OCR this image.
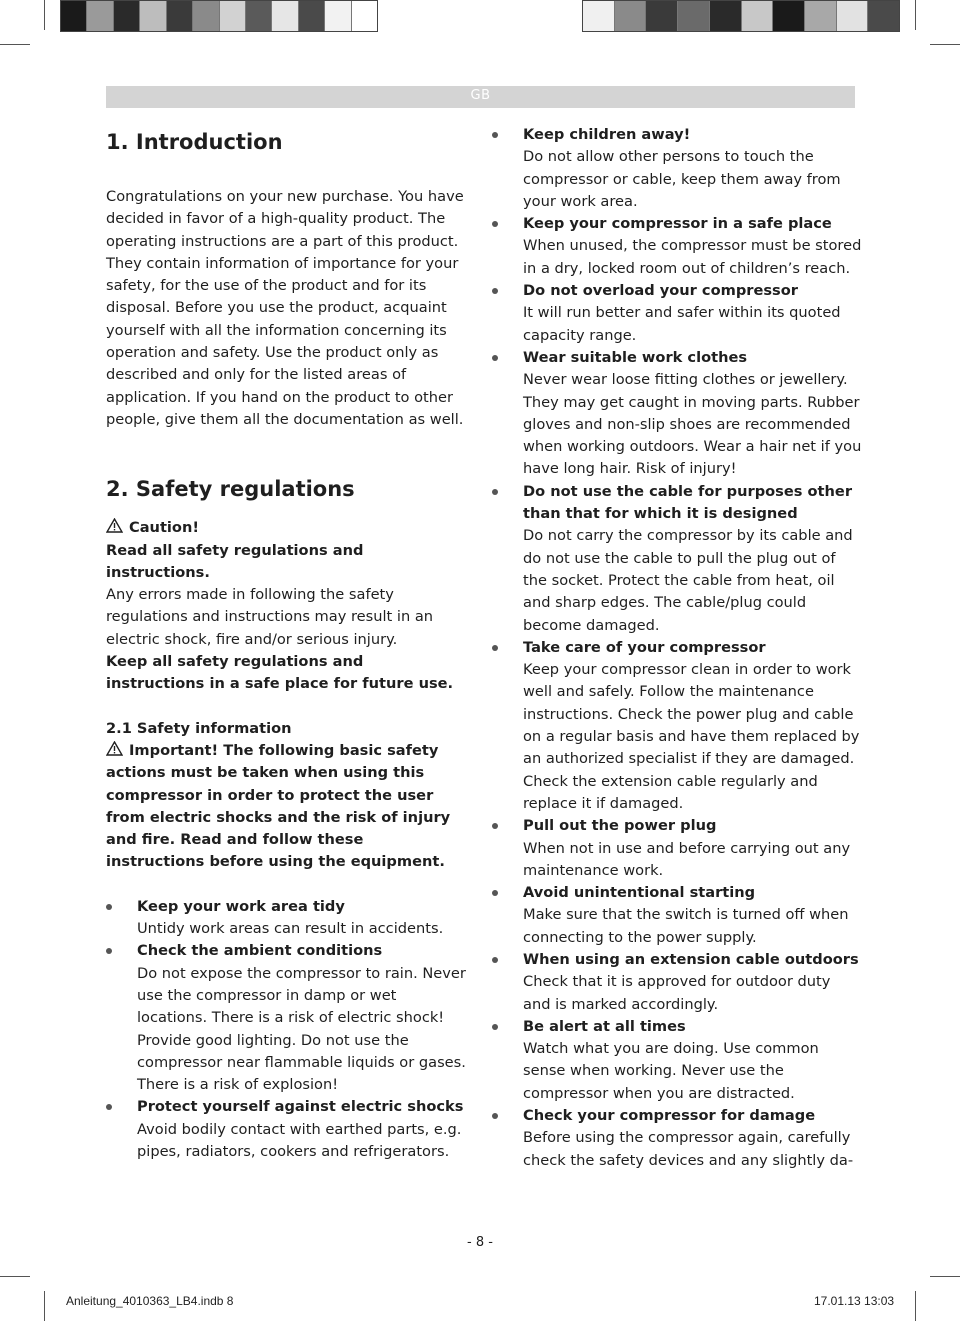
GB
1. Introduction

Congratulations on your new purchase. You have decided in favor of a high-quality product. The operating instructions are a part of this product. They contain information of importance for your safety, for the use of the product and for its disposal. Before you use the product, acquaint yourself with all the information concerning its operation and safety. Use the product only as described and only for the listed areas of application. If you hand on the product to other people, give them all the documentation as well.

2. Safety regulations
Caution!

Read all safety regulations and instructions.

Any errors made in following the safety regulations and instructions may result in an electric shock, fire and/or serious injury.

Keep all safety regulations and instructions in a safe place for future use.

2.1 Safety information

Important! The following basic safety actions must be taken when using this compressor in order to protect the user from electric shocks and the risk of injury and fire. Read and follow these instructions before using the equipment.

Keep your work area tidy
Untidy work areas can result in accidents.
Check the ambient conditions
Do not expose the compressor to rain. Never use the compressor in damp or wet locations. There is a risk of electric shock! Provide good lighting. Do not use the compressor near flammable liquids or gases. There is a risk of explosion!
Protect yourself against electric shocks
Avoid bodily contact with earthed parts, e.g. pipes, radiators, cookers and refrigerators.
Keep children away!
Do not allow other persons to touch the compressor or cable, keep them away from your work area.
Keep your compressor in a safe place
When unused, the compressor must be stored in a dry, locked room out of children’s reach.
Do not overload your compressor
It will run better and safer within its quoted capacity range.
Wear suitable work clothes
Never wear loose fitting clothes or jewellery. They may get caught in moving parts. Rubber gloves and non-slip shoes are recommended when working outdoors. Wear a hair net if you have long hair. Risk of injury!
Do not use the cable for purposes other than that for which it is designed
Do not carry the compressor by its cable and do not use the cable to pull the plug out of the socket. Protect the cable from heat, oil and sharp edges. The cable/plug could become damaged.
Take care of your compressor
Keep your compressor clean in order to work well and safely. Follow the maintenance instructions. Check the power plug and cable on a regular basis and have them replaced by an authorized specialist if they are damaged. Check the extension cable regularly and replace it if damaged.
Pull out the power plug
When not in use and before carrying out any maintenance work.
Avoid unintentional starting
Make sure that the switch is turned off when connecting to the power supply.
When using an extension cable outdoors
Check that it is approved for outdoor duty and is marked accordingly.
Be alert at all times
Watch what you are doing. Use common sense when working. Never use the compressor when you are distracted.
Check your compressor for damage
Before using the compressor again, carefully check the safety devices and any slightly da-
- 8 -
Anleitung_4010363_LB4.indb 8	17.01.13 13:03
